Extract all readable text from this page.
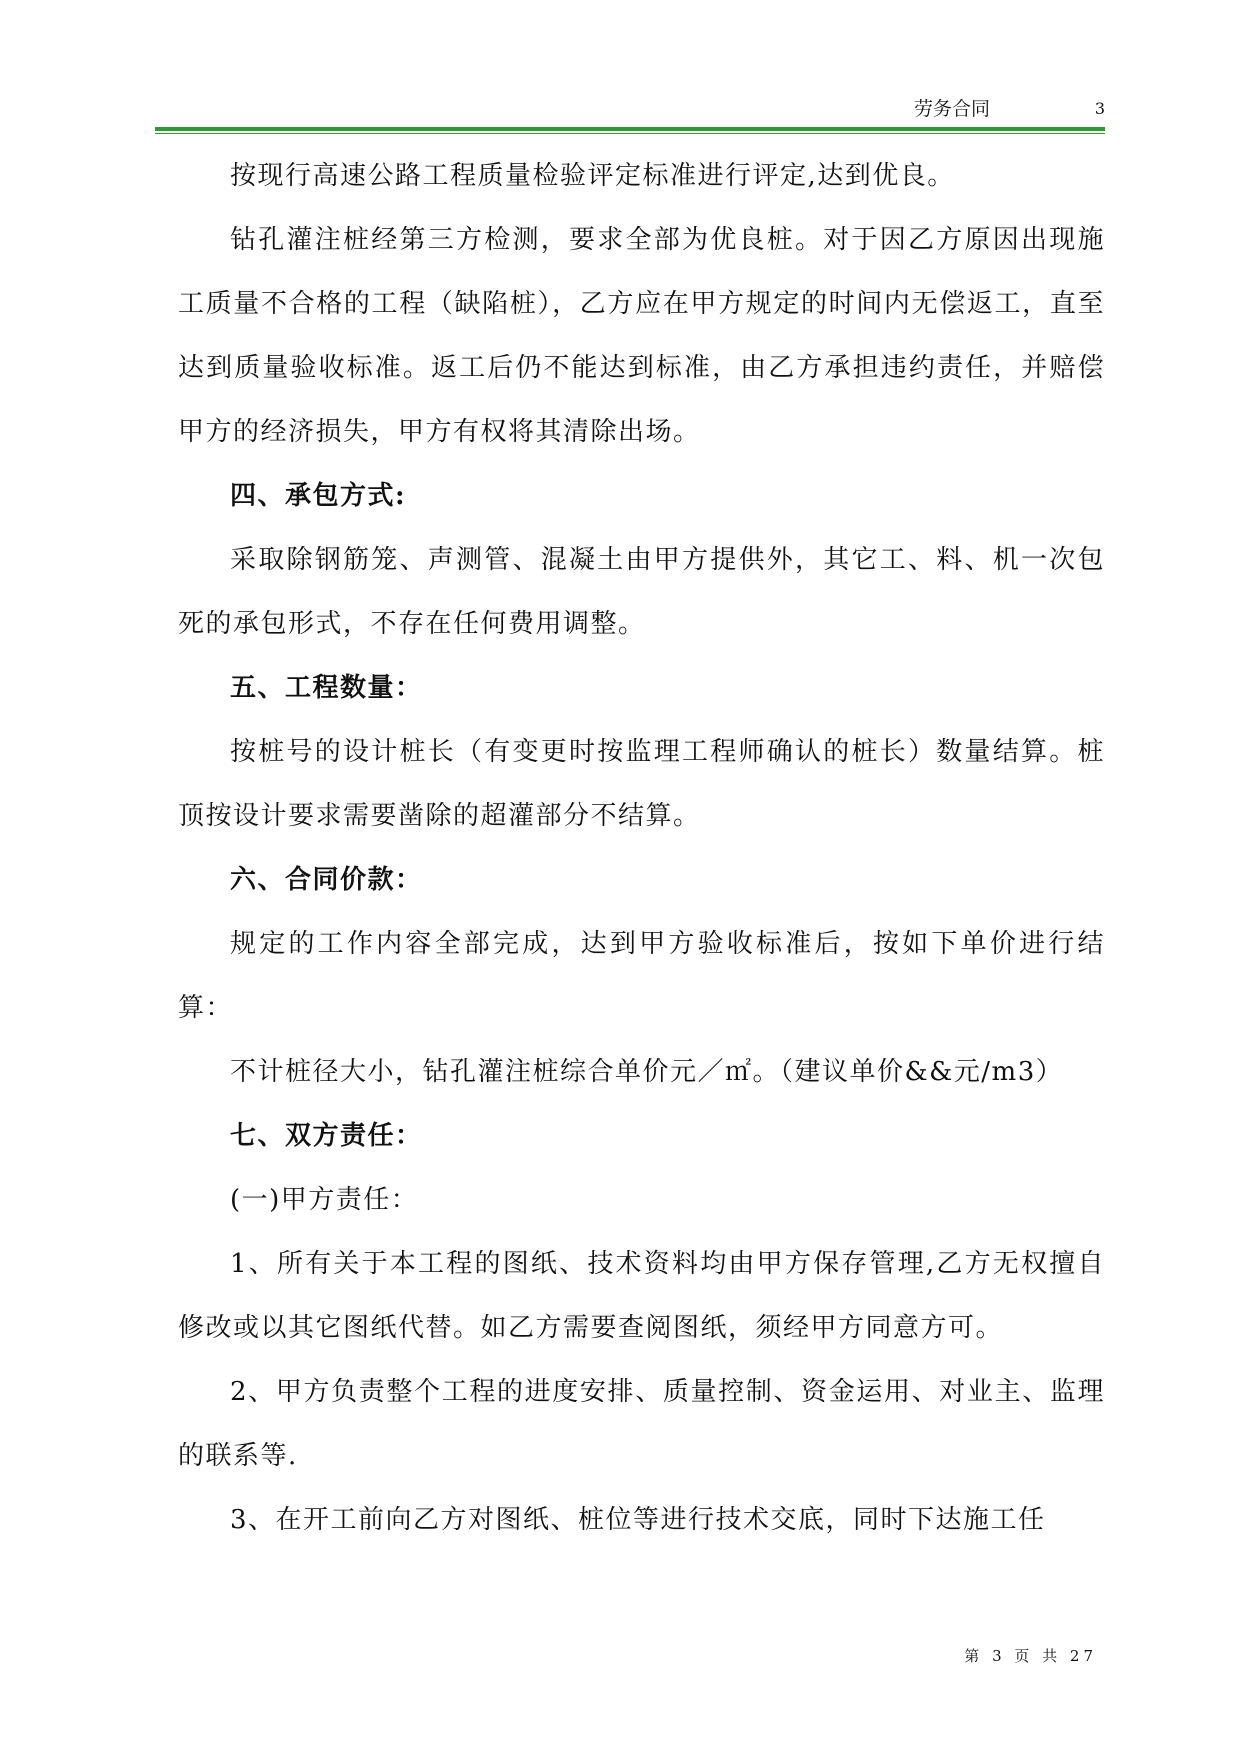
劳务合同	3

按现行高速公路工程质量检验评定标准进行评定,达到优良。

钻孔灌注桩经第三方检测，要求全部为优良桩。对于因乙方原因出现施工质量不合格的工程（缺陷桩），乙方应在甲方规定的时间内无偿返工，直至达到质量验收标准。返工后仍不能达到标准，由乙方承担违约责任，并赔偿甲方的经济损失，甲方有权将其清除出场。

四、承包方式:

采取除钢筋笼、声测管、混凝土由甲方提供外，其它工、料、机一次包死的承包形式，不存在任何费用调整。

五、工程数量：

按桩号的设计桩长（有变更时按监理工程师确认的桩长）数量结算。桩顶按设计要求需要凿除的超灌部分不结算。

六、合同价款：

规定的工作内容全部完成，达到甲方验收标准后，按如下单价进行结算：

不计桩径大小，钻孔灌注桩综合单价元／㎡。（建议单价&&元/m3）

七、双方责任：

(一)甲方责任：

1、所有关于本工程的图纸、技术资料均由甲方保存管理,乙方无权擅自修改或以其它图纸代替。如乙方需要查阅图纸，须经甲方同意方可。

2、甲方负责整个工程的进度安排、质量控制、资金运用、对业主、监理的联系等.

3、在开工前向乙方对图纸、桩位等进行技术交底，同时下达施工任

第 3 页 共 27
